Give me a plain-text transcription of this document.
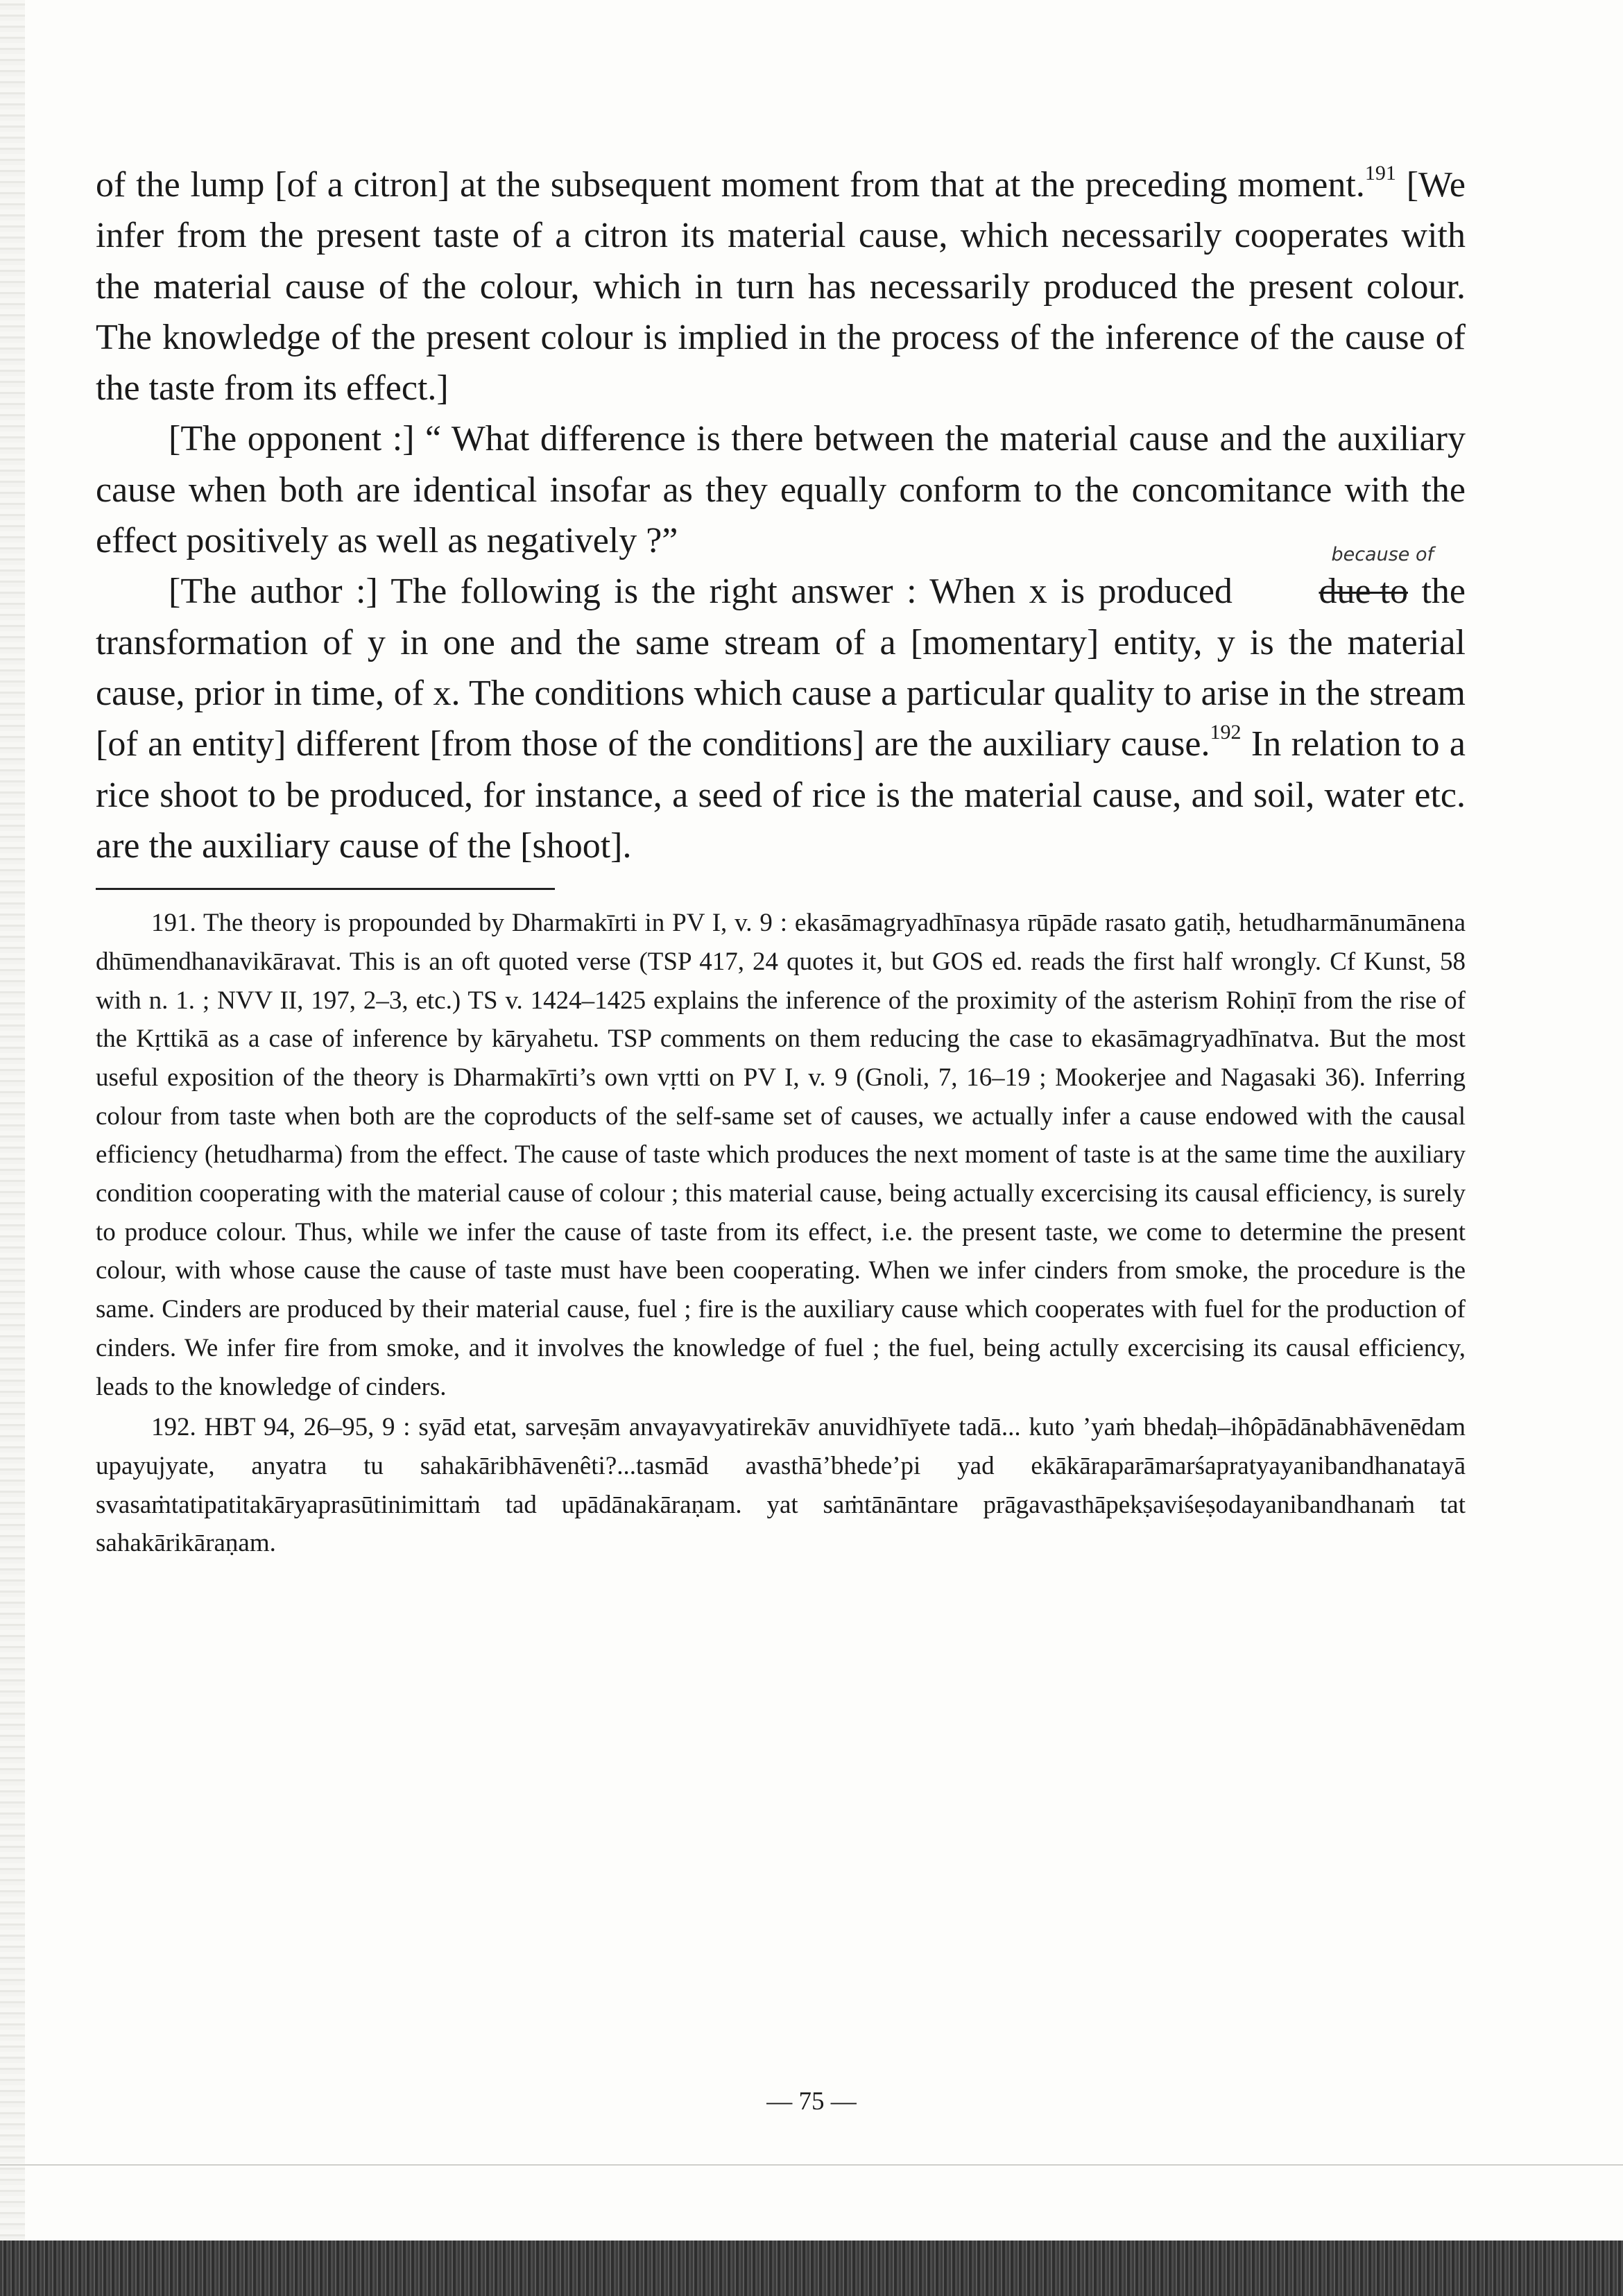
of the lump [of a citron] at the subsequent moment from that at the preceding moment.$^{191}$ [We infer from the present taste of a citron its material cause, which necessarily cooperates with the material cause of the colour, which in turn has necessarily produced the present colour. The knowledge of the present colour is implied in the process of the inference of the cause of the taste from its effect.]

[The opponent :] “ What difference is there between the material cause and the auxiliary cause when both are identical insofar as they equally conform to the concomitance with the effect positively as well as negatively ?”

[The author :] The following is the right answer : When x is produced
because of
due to the transformation of y in one and the same stream of a [momentary] entity, y is the material cause, prior in time, of x. The conditions which cause a particular quality to arise in the stream [of an entity] different [from those of the conditions] are the auxiliary cause.$^{192}$ In relation to a rice shoot to be produced, for instance, a seed of rice is the material cause, and soil, water etc. are the auxiliary cause of the [shoot].

191. The theory is propounded by Dharmakīrti in PV I, v. 9 : ekasāmagryadhīnasya rūpāde rasato gatiḥ, hetudharmānumānena dhūmendhanavikāravat. This is an oft quoted verse (TSP 417, 24 quotes it, but GOS ed. reads the first half wrongly. Cf Kunst, 58 with n. 1. ; NVV II, 197, 2–3, etc.) TS v. 1424–1425 explains the inference of the proximity of the asterism Rohiṇī from the rise of the Kṛttikā as a case of inference by kāryahetu. TSP comments on them reducing the case to ekasāmagryadhīnatva. But the most useful exposition of the theory is Dharmakīrti’s own vṛtti on PV I, v. 9 (Gnoli, 7, 16–19 ; Mookerjee and Nagasaki 36). Inferring colour from taste when both are the coproducts of the self-same set of causes, we actually infer a cause endowed with the causal efficiency (hetudharma) from the effect. The cause of taste which produces the next moment of taste is at the same time the auxiliary condition cooperating with the material cause of colour ; this material cause, being actually excercising its causal efficiency, is surely to produce colour. Thus, while we infer the cause of taste from its effect, i.e. the present taste, we come to determine the present colour, with whose cause the cause of taste must have been cooperating. When we infer cinders from smoke, the procedure is the same. Cinders are produced by their material cause, fuel ; fire is the auxiliary cause which cooperates with fuel for the production of cinders. We infer fire from smoke, and it involves the knowledge of fuel ; the fuel, being actully excercising its causal efficiency, leads to the knowledge of cinders.

192. HBT 94, 26–95, 9 : syād etat, sarveṣām anvayavyatirekāv anuvidhīyete tadā... kuto ’yaṁ bhedaḥ–ihôpādānabhāvenēdam upayujyate, anyatra tu sahakāribhāvenêti?...tasmād avasthā’bhede’pi yad ekākāraparāmarśapratyayanibandhanatayā svasaṁtatipatitakāryaprasūtinimittaṁ tad upādānakāraṇam. yat saṁtānāntare prāgavasthāpekṣaviśeṣodayanibandhanaṁ tat sahakārikāraṇam.

— 75 —
